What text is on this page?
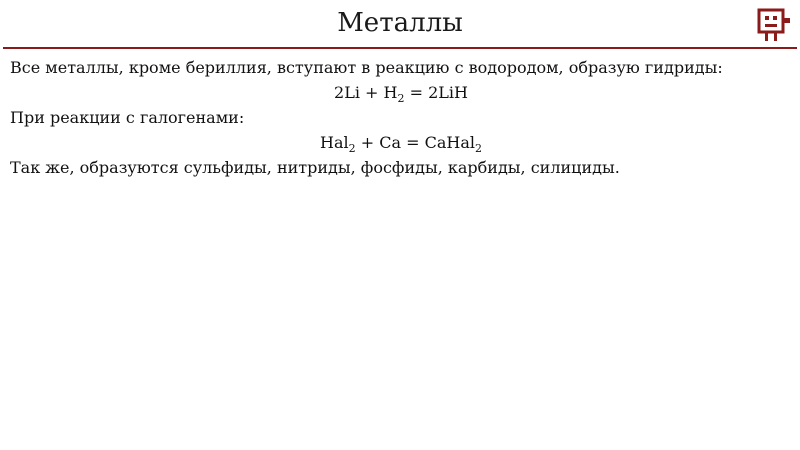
Металлы
Все металлы, кроме бериллия, вступают в реакцию с водородом, образую гидриды:
$2Li + H_2 = 2LiH$
При реакции с галогенами:
Hal$_2$ + Ca = CaHal$_2$
Так же, образуются сульфиды, нитриды, фосфиды, карбиды, силициды.
